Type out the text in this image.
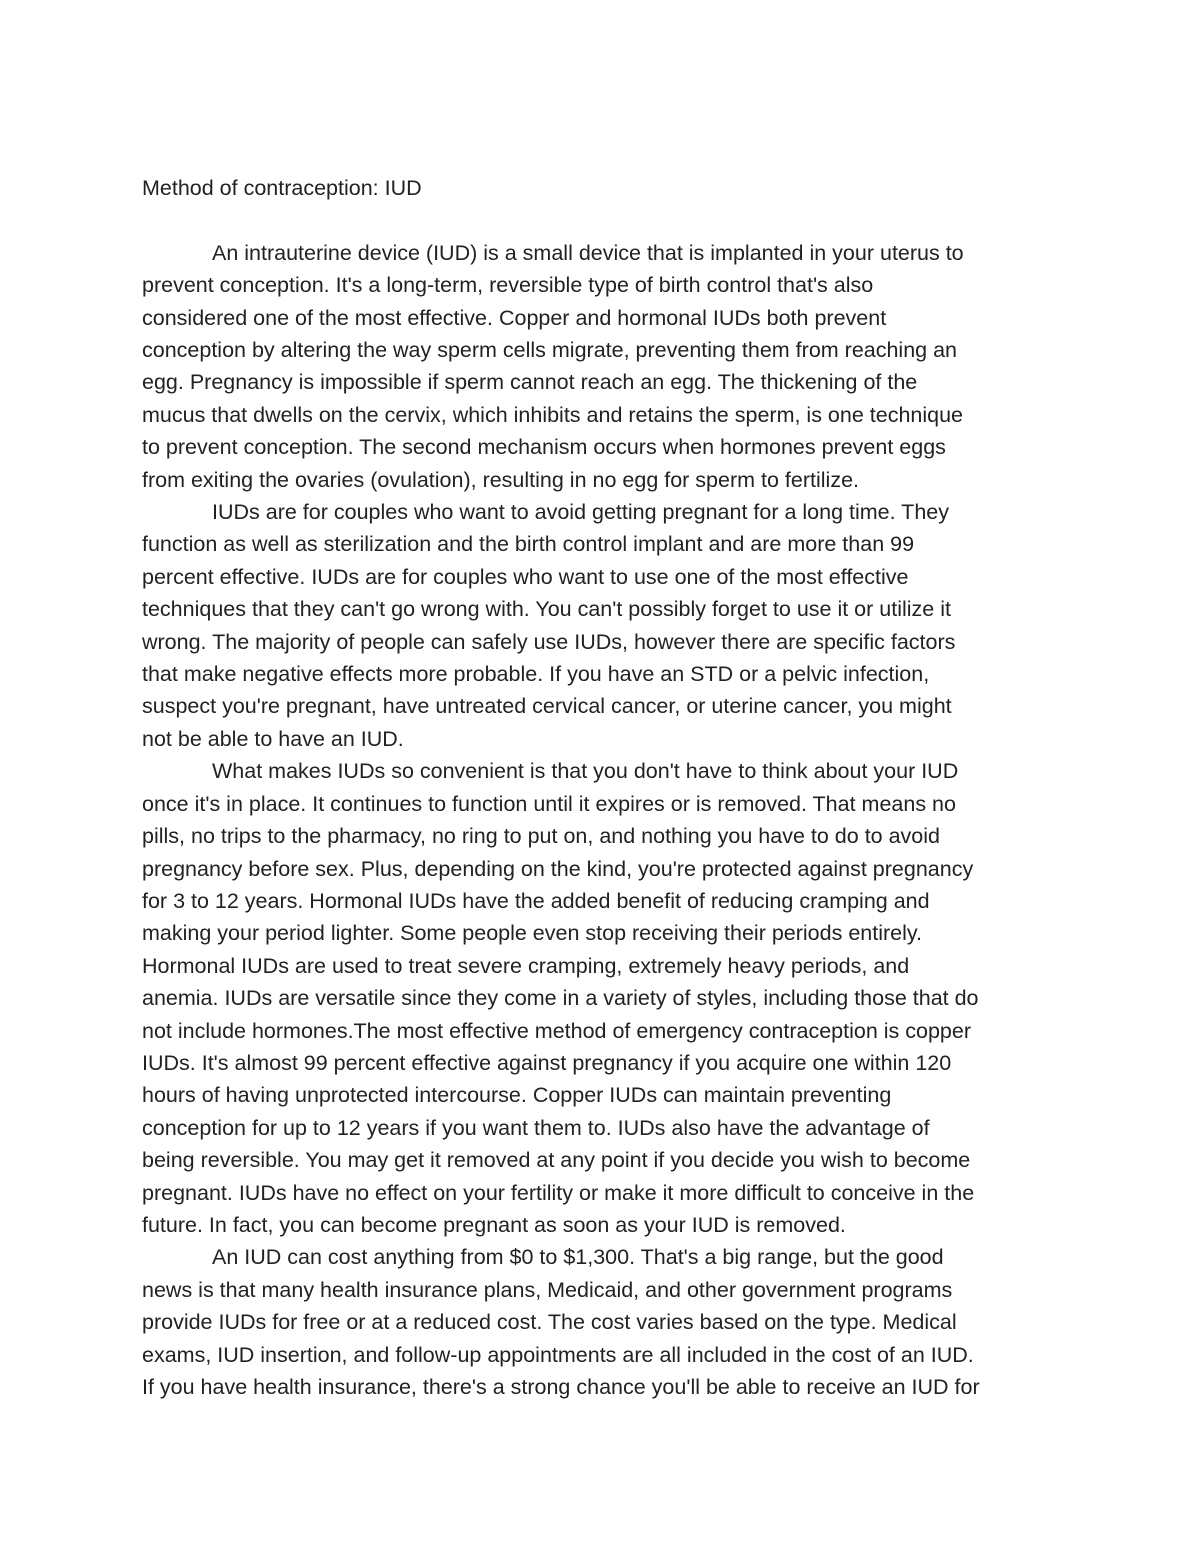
Method of contraception: IUD

An intrauterine device (IUD) is a small device that is implanted in your uterus to
prevent conception. It's a long-term, reversible type of birth control that's also
considered one of the most effective. Copper and hormonal IUDs both prevent
conception by altering the way sperm cells migrate, preventing them from reaching an
egg. Pregnancy is impossible if sperm cannot reach an egg. The thickening of the
mucus that dwells on the cervix, which inhibits and retains the sperm, is one technique
to prevent conception. The second mechanism occurs when hormones prevent eggs
from exiting the ovaries (ovulation), resulting in no egg for sperm to fertilize.

IUDs are for couples who want to avoid getting pregnant for a long time. They
function as well as sterilization and the birth control implant and are more than 99
percent effective. IUDs are for couples who want to use one of the most effective
techniques that they can't go wrong with. You can't possibly forget to use it or utilize it
wrong. The majority of people can safely use IUDs, however there are specific factors
that make negative effects more probable. If you have an STD or a pelvic infection,
suspect you're pregnant, have untreated cervical cancer, or uterine cancer, you might
not be able to have an IUD.

What makes IUDs so convenient is that you don't have to think about your IUD
once it's in place. It continues to function until it expires or is removed. That means no
pills, no trips to the pharmacy, no ring to put on, and nothing you have to do to avoid
pregnancy before sex. Plus, depending on the kind, you're protected against pregnancy
for 3 to 12 years. Hormonal IUDs have the added benefit of reducing cramping and
making your period lighter. Some people even stop receiving their periods entirely.
Hormonal IUDs are used to treat severe cramping, extremely heavy periods, and
anemia. IUDs are versatile since they come in a variety of styles, including those that do
not include hormones.The most effective method of emergency contraception is copper
IUDs. It's almost 99 percent effective against pregnancy if you acquire one within 120
hours of having unprotected intercourse. Copper IUDs can maintain preventing
conception for up to 12 years if you want them to. IUDs also have the advantage of
being reversible. You may get it removed at any point if you decide you wish to become
pregnant. IUDs have no effect on your fertility or make it more difficult to conceive in the
future. In fact, you can become pregnant as soon as your IUD is removed.

An IUD can cost anything from $0 to $1,300. That's a big range, but the good
news is that many health insurance plans, Medicaid, and other government programs
provide IUDs for free or at a reduced cost. The cost varies based on the type. Medical
exams, IUD insertion, and follow-up appointments are all included in the cost of an IUD.
If you have health insurance, there's a strong chance you'll be able to receive an IUD for
